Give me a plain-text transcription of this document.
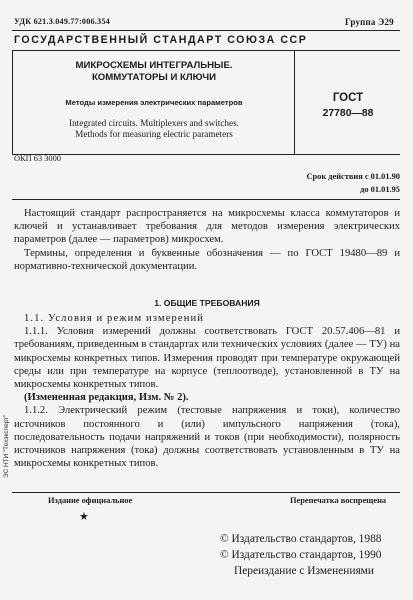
УДК 621.3.049.77:006.354	Группа Э29
ГОСУДАРСТВЕННЫЙ СТАНДАРТ СОЮЗА ССР
МИКРОСХЕМЫ ИНТЕГРАЛЬНЫЕ.
КОММУТАТОРЫ И КЛЮЧИ
Методы измерения электрических параметров
Integrated circuits. Multiplexers and switches.
Methods for measuring electric parameters
ГОСТ
27780—88
ОКП 63 3000
Срок действия с 01.01.90
до 01.01.95

Настоящий стандарт распространяется на микросхемы класса коммутаторов и ключей и устанавливает требования для методов измерения электрических параметров (далее — параметров) микросхем.

Термины, определения и буквенные обозначения — по ГОСТ 19480—89 и нормативно-технической документации.

1. ОБЩИЕ ТРЕБОВАНИЯ

1.1. Условия и режим измерений

1.1.1. Условия измерений должны соответствовать ГОСТ 20.57.406—81 и требованиям, приведенным в стандартах или технических условиях (далее — ТУ) на микросхемы конкретных типов. Измерения проводят при температуре окружающей среды или при температуре на корпусе (теплоотводе), установленной в ТУ на микросхемы конкретных типов.

(Измененная редакция, Изм. № 2).

1.1.2. Электрический режим (тестовые напряжения и токи), количество источников постоянного и (или) импульсного напряжения (тока), последовательность подачи напряжений и токов (при необходимости), полярность источников напряжения (тока) должны соответствовать установленным в ТУ на микросхемы конкретных типов.

Издание официальное	Перепечатка воспрещена
★
© Издательство стандартов, 1988
© Издательство стандартов, 1990
Переиздание с Изменениями
ЭС НТИ "Техэксперт"
